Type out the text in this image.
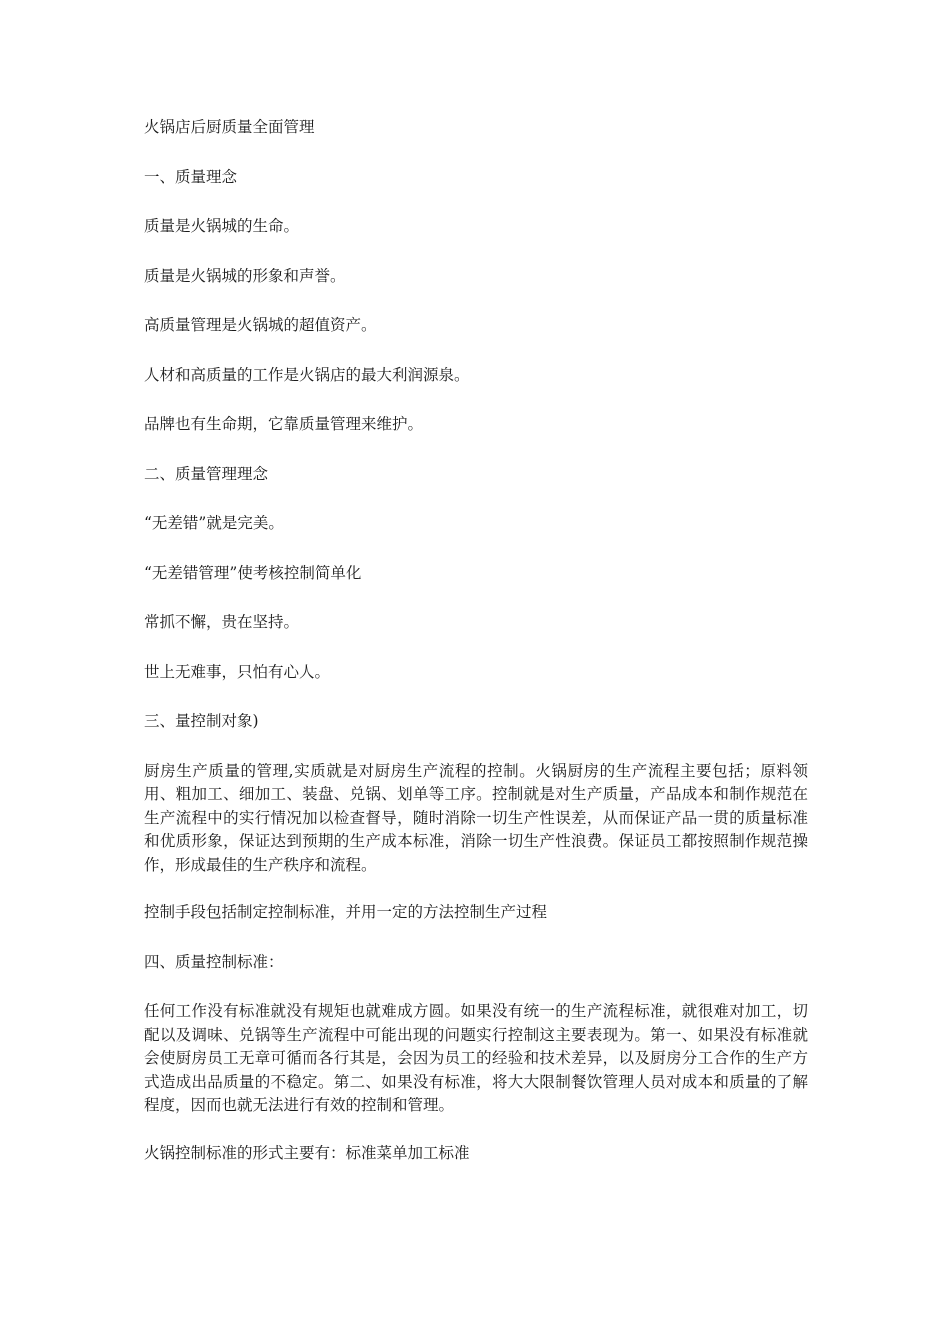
火锅店后厨质量全面管理

一、质量理念

质量是火锅城的生命。

质量是火锅城的形象和声誉。

高质量管理是火锅城的超值资产。

人材和高质量的工作是火锅店的最大利润源泉。

品牌也有生命期，它靠质量管理来维护。

二、质量管理理念

“无差错”就是完美。

“无差错管理”使考核控制简单化

常抓不懈，贵在坚持。

世上无难事，只怕有心人。

三、量控制对象)

厨房生产质量的管理,实质就是对厨房生产流程的控制。火锅厨房的生产流程主要包括；原料领用、粗加工、细加工、装盘、兑锅、划单等工序。控制就是对生产质量，产品成本和制作规范在生产流程中的实行情况加以检查督导，随时消除一切生产性误差，从而保证产品一贯的质量标准和优质形象，保证达到预期的生产成本标准，消除一切生产性浪费。保证员工都按照制作规范操作，形成最佳的生产秩序和流程。

控制手段包括制定控制标准，并用一定的方法控制生产过程

四、质量控制标准：

任何工作没有标准就没有规矩也就难成方圆。如果没有统一的生产流程标准，就很难对加工，切配以及调味、兑锅等生产流程中可能出现的问题实行控制这主要表现为。第一、如果没有标准就会使厨房员工无章可循而各行其是，会因为员工的经验和技术差异，以及厨房分工合作的生产方式造成出品质量的不稳定。第二、如果没有标准，将大大限制餐饮管理人员对成本和质量的了解程度，因而也就无法进行有效的控制和管理。

火锅控制标准的形式主要有：标准菜单加工标准
